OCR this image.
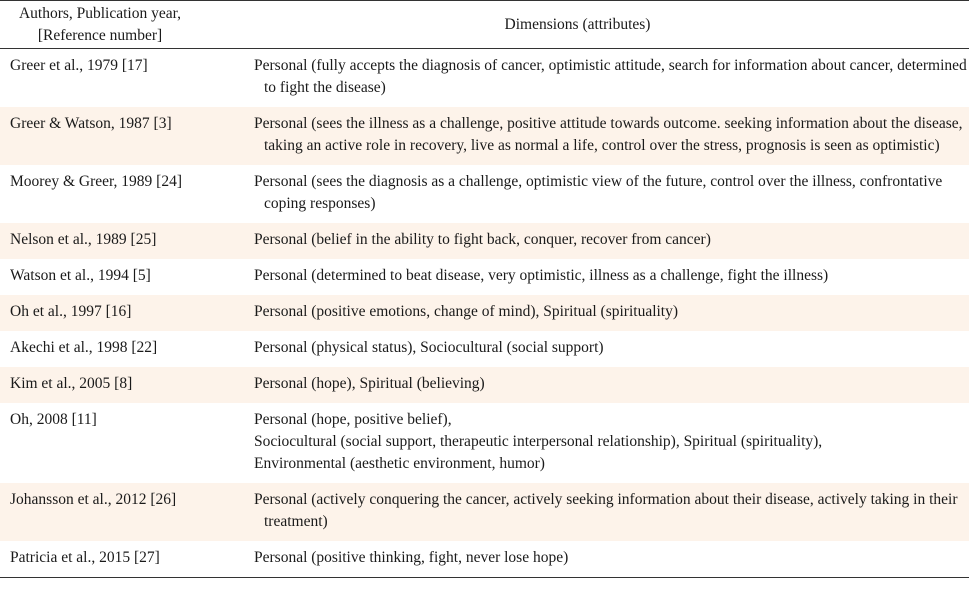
Authors, Publication year,
[Reference number]	Dimensions (attributes)
Greer et al., 1979 [17]	Personal (fully accepts the diagnosis of cancer, optimistic attitude, search for information about cancer, determined to fight the disease)

Greer & Watson, 1987 [3]	Personal (sees the illness as a challenge, positive attitude towards outcome. seeking information about the disease, taking an active role in recovery, live as normal a life, control over the stress, prognosis is seen as optimistic)

Moorey & Greer, 1989 [24]	Personal (sees the diagnosis as a challenge, optimistic view of the future, control over the illness, confrontative coping responses)

Nelson et al., 1989 [25]	Personal (belief in the ability to fight back, conquer, recover from cancer)

Watson et al., 1994 [5]	Personal (determined to beat disease, very optimistic, illness as a challenge, fight the illness)

Oh et al., 1997 [16]	Personal (positive emotions, change of mind), Spiritual (spirituality)

Akechi et al., 1998 [22]	Personal (physical status), Sociocultural (social support)

Kim et al., 2005 [8]	Personal (hope), Spiritual (believing)

Oh, 2008 [11]	Personal (hope, positive belief),
Sociocultural (social support, therapeutic interpersonal relationship), Spiritual (spirituality),
Environmental (aesthetic environment, humor)

Johansson et al., 2012 [26]	Personal (actively conquering the cancer, actively seeking information about their disease, actively taking in their treatment)

Patricia et al., 2015 [27]	Personal (positive thinking, fight, never lose hope)
